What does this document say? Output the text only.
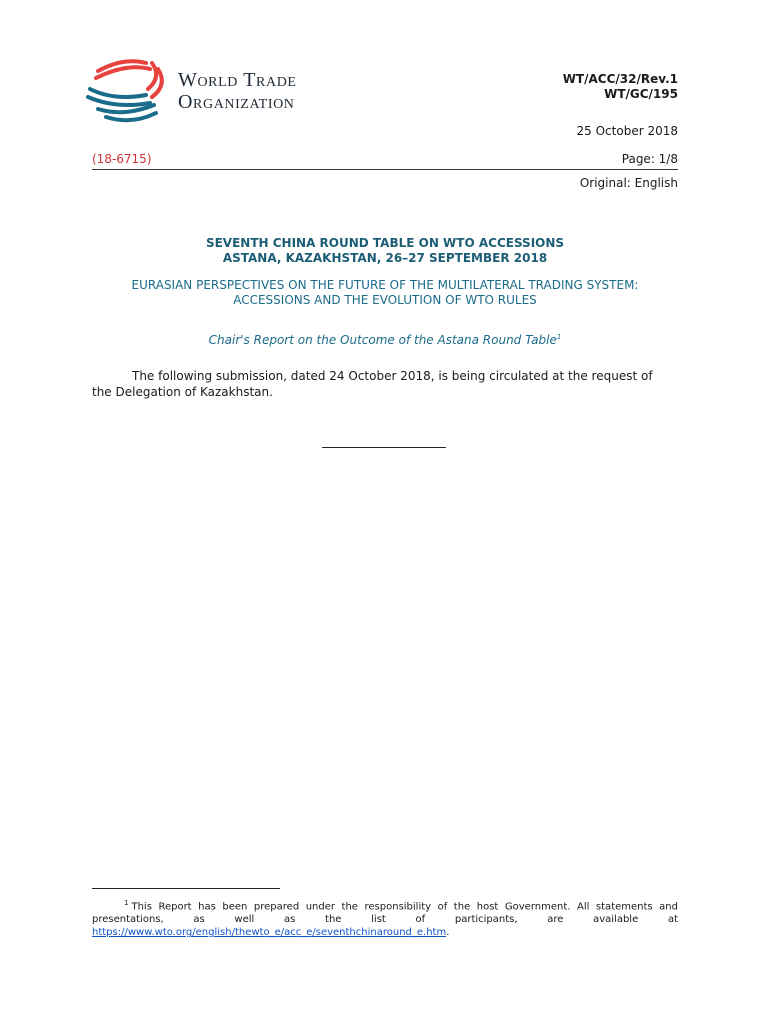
World Trade
Organization
WT/ACC/32/Rev.1
WT/GC/195
25 October 2018
(18-6715)	Page: 1/8
Original: English
SEVENTH CHINA ROUND TABLE ON WTO ACCESSIONS
ASTANA, KAZAKHSTAN, 26–27 SEPTEMBER 2018
EURASIAN PERSPECTIVES ON THE FUTURE OF THE MULTILATERAL TRADING SYSTEM:
ACCESSIONS AND THE EVOLUTION OF WTO RULES
Chair's Report on the Outcome of the Astana Round Table$^1$
The following submission, dated 24 October 2018, is being circulated at the request of the Delegation of Kazakhstan.
$^1$ This Report has been prepared under the responsibility of the host Government. All statements and presentations, as well as the list of participants, are available at https://www.wto.org/english/thewto_e/acc_e/seventhchinaround_e.htm.
